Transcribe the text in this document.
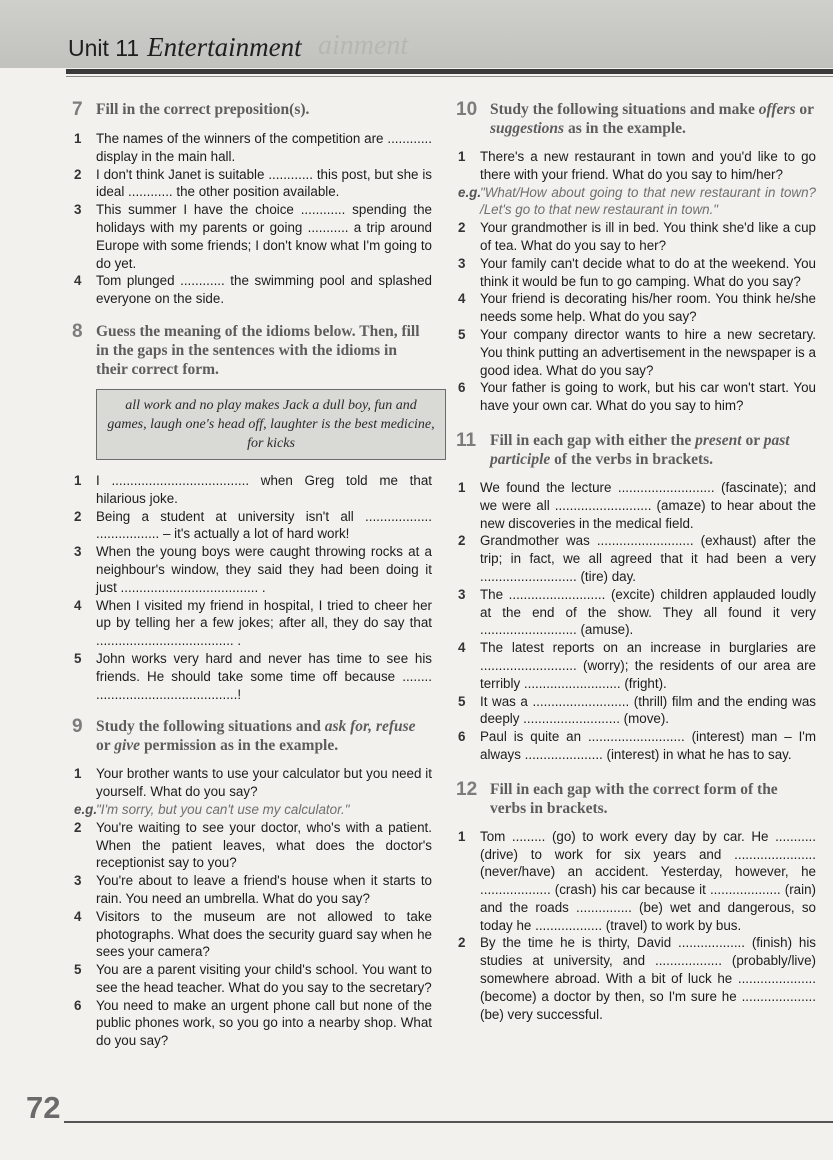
ainment
Unit 11 Entertainment
7 Fill in the correct preposition(s).
1	The names of the winners of the competition are ............ display in the main hall.
2	I don't think Janet is suitable ............ this post, but she is ideal ............ the other position available.
3	This summer I have the choice ............ spending the holidays with my parents or going ........... a trip around Europe with some friends; I don't know what I'm going to do yet.
4	Tom plunged ............ the swimming pool and splashed everyone on the side.
8 Guess the meaning of the idioms below. Then, fill in the gaps in the sentences with the idioms in their correct form.
all work and no play makes Jack a dull boy, fun and games, laugh one's head off, laughter is the best medicine, for kicks
1	I ..................................... when Greg told me that hilarious joke.
2	Being a student at university isn't all .................. ................. – it's actually a lot of hard work!
3	When the young boys were caught throwing rocks at a neighbour's window, they said they had been doing it just ..................................... .
4	When I visited my friend in hospital, I tried to cheer her up by telling her a few jokes; after all, they do say that ..................................... .
5	John works very hard and never has time to see his friends. He should take some time off because ........ ......................................!
9 Study the following situations and ask for, refuse or give permission as in the example.
1	Your brother wants to use your calculator but you need it yourself. What do you say?
e.g.
"I'm sorry, but you can't use my calculator."
2	You're waiting to see your doctor, who's with a patient. When the patient leaves, what does the doctor's receptionist say to you?
3	You're about to leave a friend's house when it starts to rain. You need an umbrella. What do you say?
4	Visitors to the museum are not allowed to take photographs. What does the security guard say when he sees your camera?
5	You are a parent visiting your child's school. You want to see the head teacher. What do you say to the secretary?
6	You need to make an urgent phone call but none of the public phones work, so you go into a nearby shop. What do you say?
10 Study the following situations and make offers or suggestions as in the example.
1	There's a new restaurant in town and you'd like to go there with your friend. What do you say to him/her?
e.g.
"What/How about going to that new restaurant in town? /Let's go to that new restaurant in town."
2	Your grandmother is ill in bed. You think she'd like a cup of tea. What do you say to her?
3	Your family can't decide what to do at the weekend. You think it would be fun to go camping. What do you say?
4	Your friend is decorating his/her room. You think he/she needs some help. What do you say?
5	Your company director wants to hire a new secretary. You think putting an advertisement in the newspaper is a good idea. What do you say?
6	Your father is going to work, but his car won't start. You have your own car. What do you say to him?
11 Fill in each gap with either the present or past participle of the verbs in brackets.
1	We found the lecture .......................... (fascinate); and we were all .......................... (amaze) to hear about the new discoveries in the medical field.
2	Grandmother was .......................... (exhaust) after the trip; in fact, we all agreed that it had been a very .......................... (tire) day.
3	The .......................... (excite) children applauded loudly at the end of the show. They all found it very .......................... (amuse).
4	The latest reports on an increase in burglaries are .......................... (worry); the residents of our area are terribly .......................... (fright).
5	It was a .......................... (thrill) film and the ending was deeply .......................... (move).
6	Paul is quite an .......................... (interest) man – I'm always ..................... (interest) in what he has to say.
12 Fill in each gap with the correct form of the verbs in brackets.
1	Tom ......... (go) to work every day by car. He ........... (drive) to work for six years and ...................... (never/have) an accident. Yesterday, however, he ................... (crash) his car because it ................... (rain) and the roads ............... (be) wet and dangerous, so today he .................. (travel) to work by bus.
2	By the time he is thirty, David .................. (finish) his studies at university, and .................. (probably/live) somewhere abroad. With a bit of luck he ..................... (become) a doctor by then, so I'm sure he .................... (be) very successful.
72
